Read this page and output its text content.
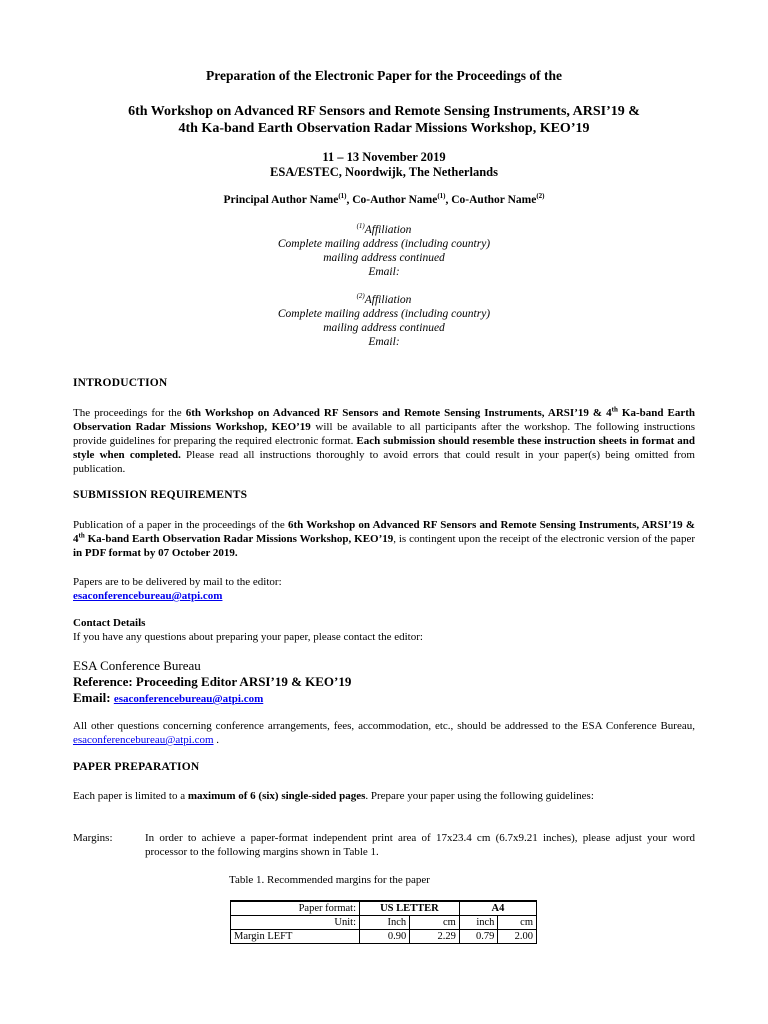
Preparation of the Electronic Paper for the Proceedings of the
6th Workshop on Advanced RF Sensors and Remote Sensing Instruments, ARSI’19 &
4th Ka-band Earth Observation Radar Missions Workshop, KEO’19
11 – 13 November 2019
ESA/ESTEC, Noordwijk, The Netherlands
Principal Author Name$^{(1)}$, Co-Author Name$^{(1)}$, Co-Author Name$^{(2)}$
$^{(1)}$Affiliation
Complete mailing address (including country)
mailing address continued
Email:
$^{(2)}$Affiliation
Complete mailing address (including country)
mailing address continued
Email:
INTRODUCTION
The proceedings for the 6th Workshop on Advanced RF Sensors and Remote Sensing Instruments, ARSI’19 & 4th Ka-band Earth Observation Radar Missions Workshop, KEO’19 will be available to all participants after the workshop. The following instructions provide guidelines for preparing the required electronic format. Each submission should resemble these instruction sheets in format and style when completed. Please read all instructions thoroughly to avoid errors that could result in your paper(s) being omitted from publication.
SUBMISSION REQUIREMENTS
Publication of a paper in the proceedings of the 6th Workshop on Advanced RF Sensors and Remote Sensing Instruments, ARSI’19 & 4th Ka-band Earth Observation Radar Missions Workshop, KEO’19, is contingent upon the receipt of the electronic version of the paper in PDF format by 07 October 2019.
Papers are to be delivered by mail to the editor:
esaconferencebureau@atpi.com
Contact Details
If you have any questions about preparing your paper, please contact the editor:
ESA Conference Bureau
Reference: Proceeding Editor ARSI’19 & KEO’19
Email: esaconferencebureau@atpi.com
All other questions concerning conference arrangements, fees, accommodation, etc., should be addressed to the ESA Conference Bureau, esaconferencebureau@atpi.com .
PAPER PREPARATION
Each paper is limited to a maximum of 6 (six) single-sided pages. Prepare your paper using the following guidelines:
Margins:	In order to achieve a paper-format independent print area of 17x23.4 cm (6.7x9.21 inches), please adjust your word processor to the following margins shown in Table 1.
Table 1. Recommended margins for the paper
Paper format:	US LETTER		A4	
Unit:	Inch	cm	inch	cm
Margin LEFT	0.90	2.29	0.79	2.00
